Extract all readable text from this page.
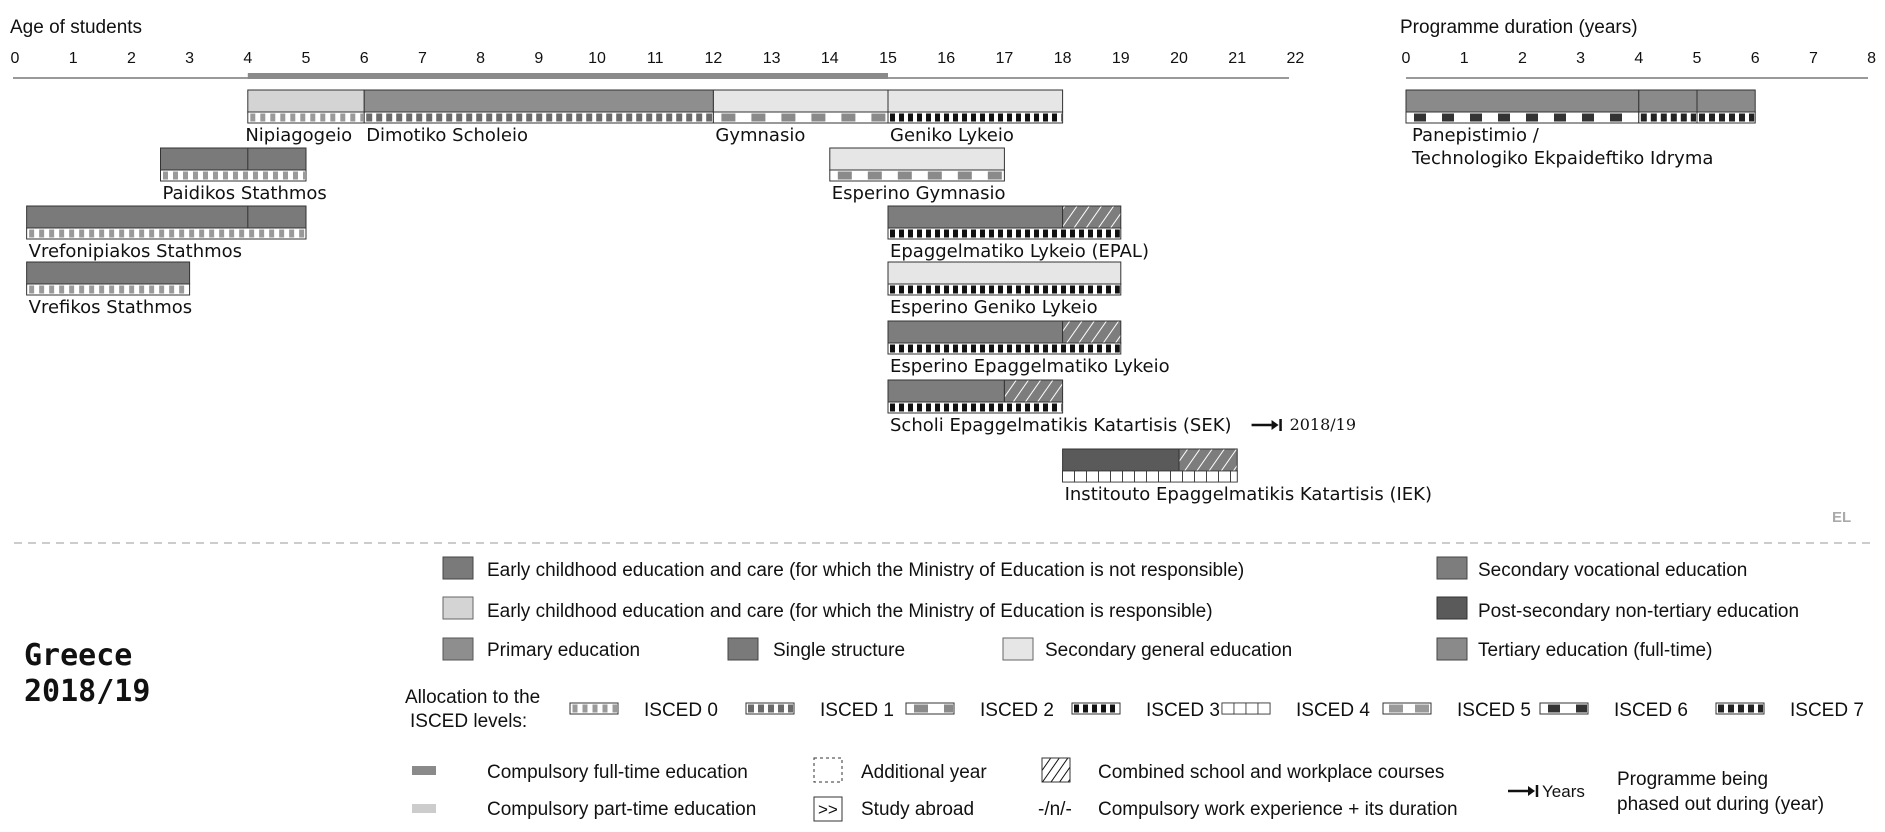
Age of students
0	1	2	3	4	5	6	7	8	9	10	11	12	13	14	15	16	17	18	19	20	21	22
Programme duration (years)
0	1	2	3	4	5	6	7	8
Nipiagogeio Dimotiko Scholeio	Gymnasio	Geniko Lykeio
Esperino Gymnasio
Paidikos Stathmos
Epaggelmatiko Lykeio (EPAL)
Vrefonipiakos Stathmos
Esperino Geniko Lykeio
Vrefikos Stathmos
Esperino Epaggelmatiko Lykeio
Scholi Epaggelmatikis Katartisis (SEK)	2018/19
Institouto Epaggelmatikis Katartisis (IEK)
Panepistimio /
Technologiko Ekpaideftiko Idryma
EL
Greece
2018/19
Early childhood education and care (for which the Ministry of Education is not responsible)
Early childhood education and care (for which the Ministry of Education is responsible)
Primary education	Single structure	Secondary general education
Secondary vocational education
Post-secondary non-tertiary education
Tertiary education (full-time)
Allocation to the
ISCED levels:
ISCED 0	ISCED 1	ISCED 2	ISCED 3	ISCED 4	ISCED 5	ISCED 6	ISCED 7
Compulsory full-time education
Compulsory part-time education
Additional year
>> Study abroad
Combined school and workplace courses
-/n/- Compulsory work experience + its duration
Years
Programme being
phased out during (year)
